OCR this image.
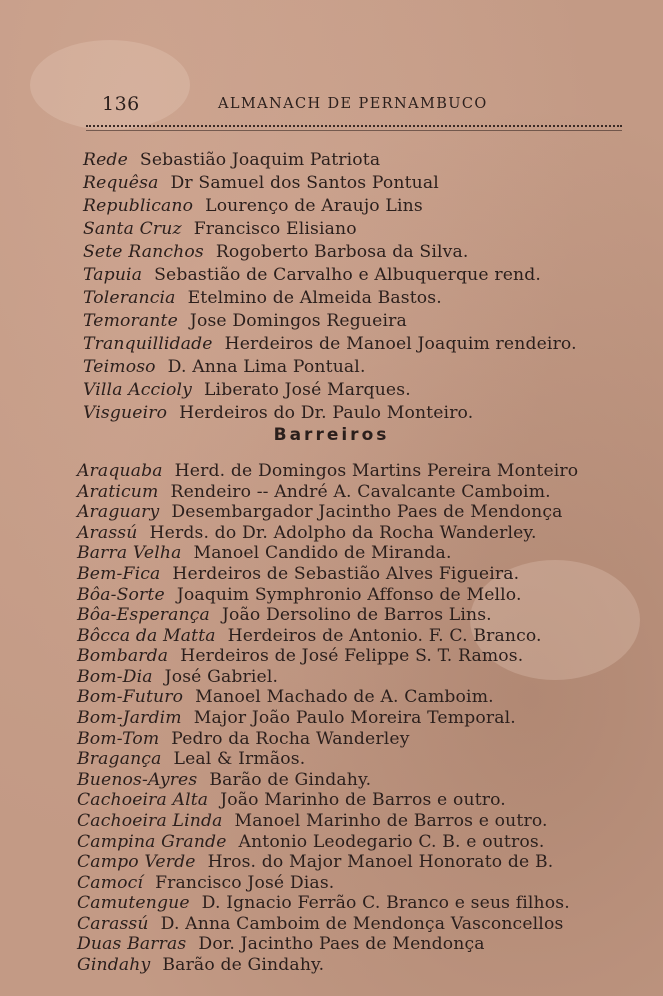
136	ALMANACH DE PERNAMBUCO
Rede Sebastião Joaquim Patriota
Requêsa Dr Samuel dos Santos Pontual
Republicano Lourenço de Araujo Lins
Santa Cruz Francisco Elisiano
Sete Ranchos Rogoberto Barbosa da Silva.
Tapuia Sebastião de Carvalho e Albuquerque rend.
Tolerancia Etelmino de Almeida Bastos.
Temorante Jose Domingos Regueira
Tranquillidade Herdeiros de Manoel Joaquim rendeiro.
Teimoso D. Anna Lima Pontual.
Villa Accioly Liberato José Marques.
Visgueiro Herdeiros do Dr. Paulo Monteiro.
Barreiros
Araquaba Herd. de Domingos Martins Pereira Monteiro
Araticum Rendeiro -- André A. Cavalcante Camboim.
Araguary Desembargador Jacintho Paes de Mendonça
Arassú Herds. do Dr. Adolpho da Rocha Wanderley.
Barra Velha Manoel Candido de Miranda.
Bem-Fica Herdeiros de Sebastião Alves Figueira.
Bôa-Sorte Joaquim Symphronio Affonso de Mello.
Bôa-Esperança João Dersolino de Barros Lins.
Bôcca da Matta Herdeiros de Antonio. F. C. Branco.
Bombarda Herdeiros de José Felippe S. T. Ramos.
Bom-Dia José Gabriel.
Bom-Futuro Manoel Machado de A. Camboim.
Bom-Jardim Major João Paulo Moreira Temporal.
Bom-Tom Pedro da Rocha Wanderley
Bragança Leal & Irmãos.
Buenos-Ayres Barão de Gindahy.
Cachoeira Alta João Marinho de Barros e outro.
Cachoeira Linda Manoel Marinho de Barros e outro.
Campina Grande Antonio Leodegario C. B. e outros.
Campo Verde Hros. do Major Manoel Honorato de B.
Camocí Francisco José Dias.
Camutengue D. Ignacio Ferrão C. Branco e seus filhos.
Carassú D. Anna Camboim de Mendonça Vasconcellos
Duas Barras Dor. Jacintho Paes de Mendonça
Gindahy Barão de Gindahy.
